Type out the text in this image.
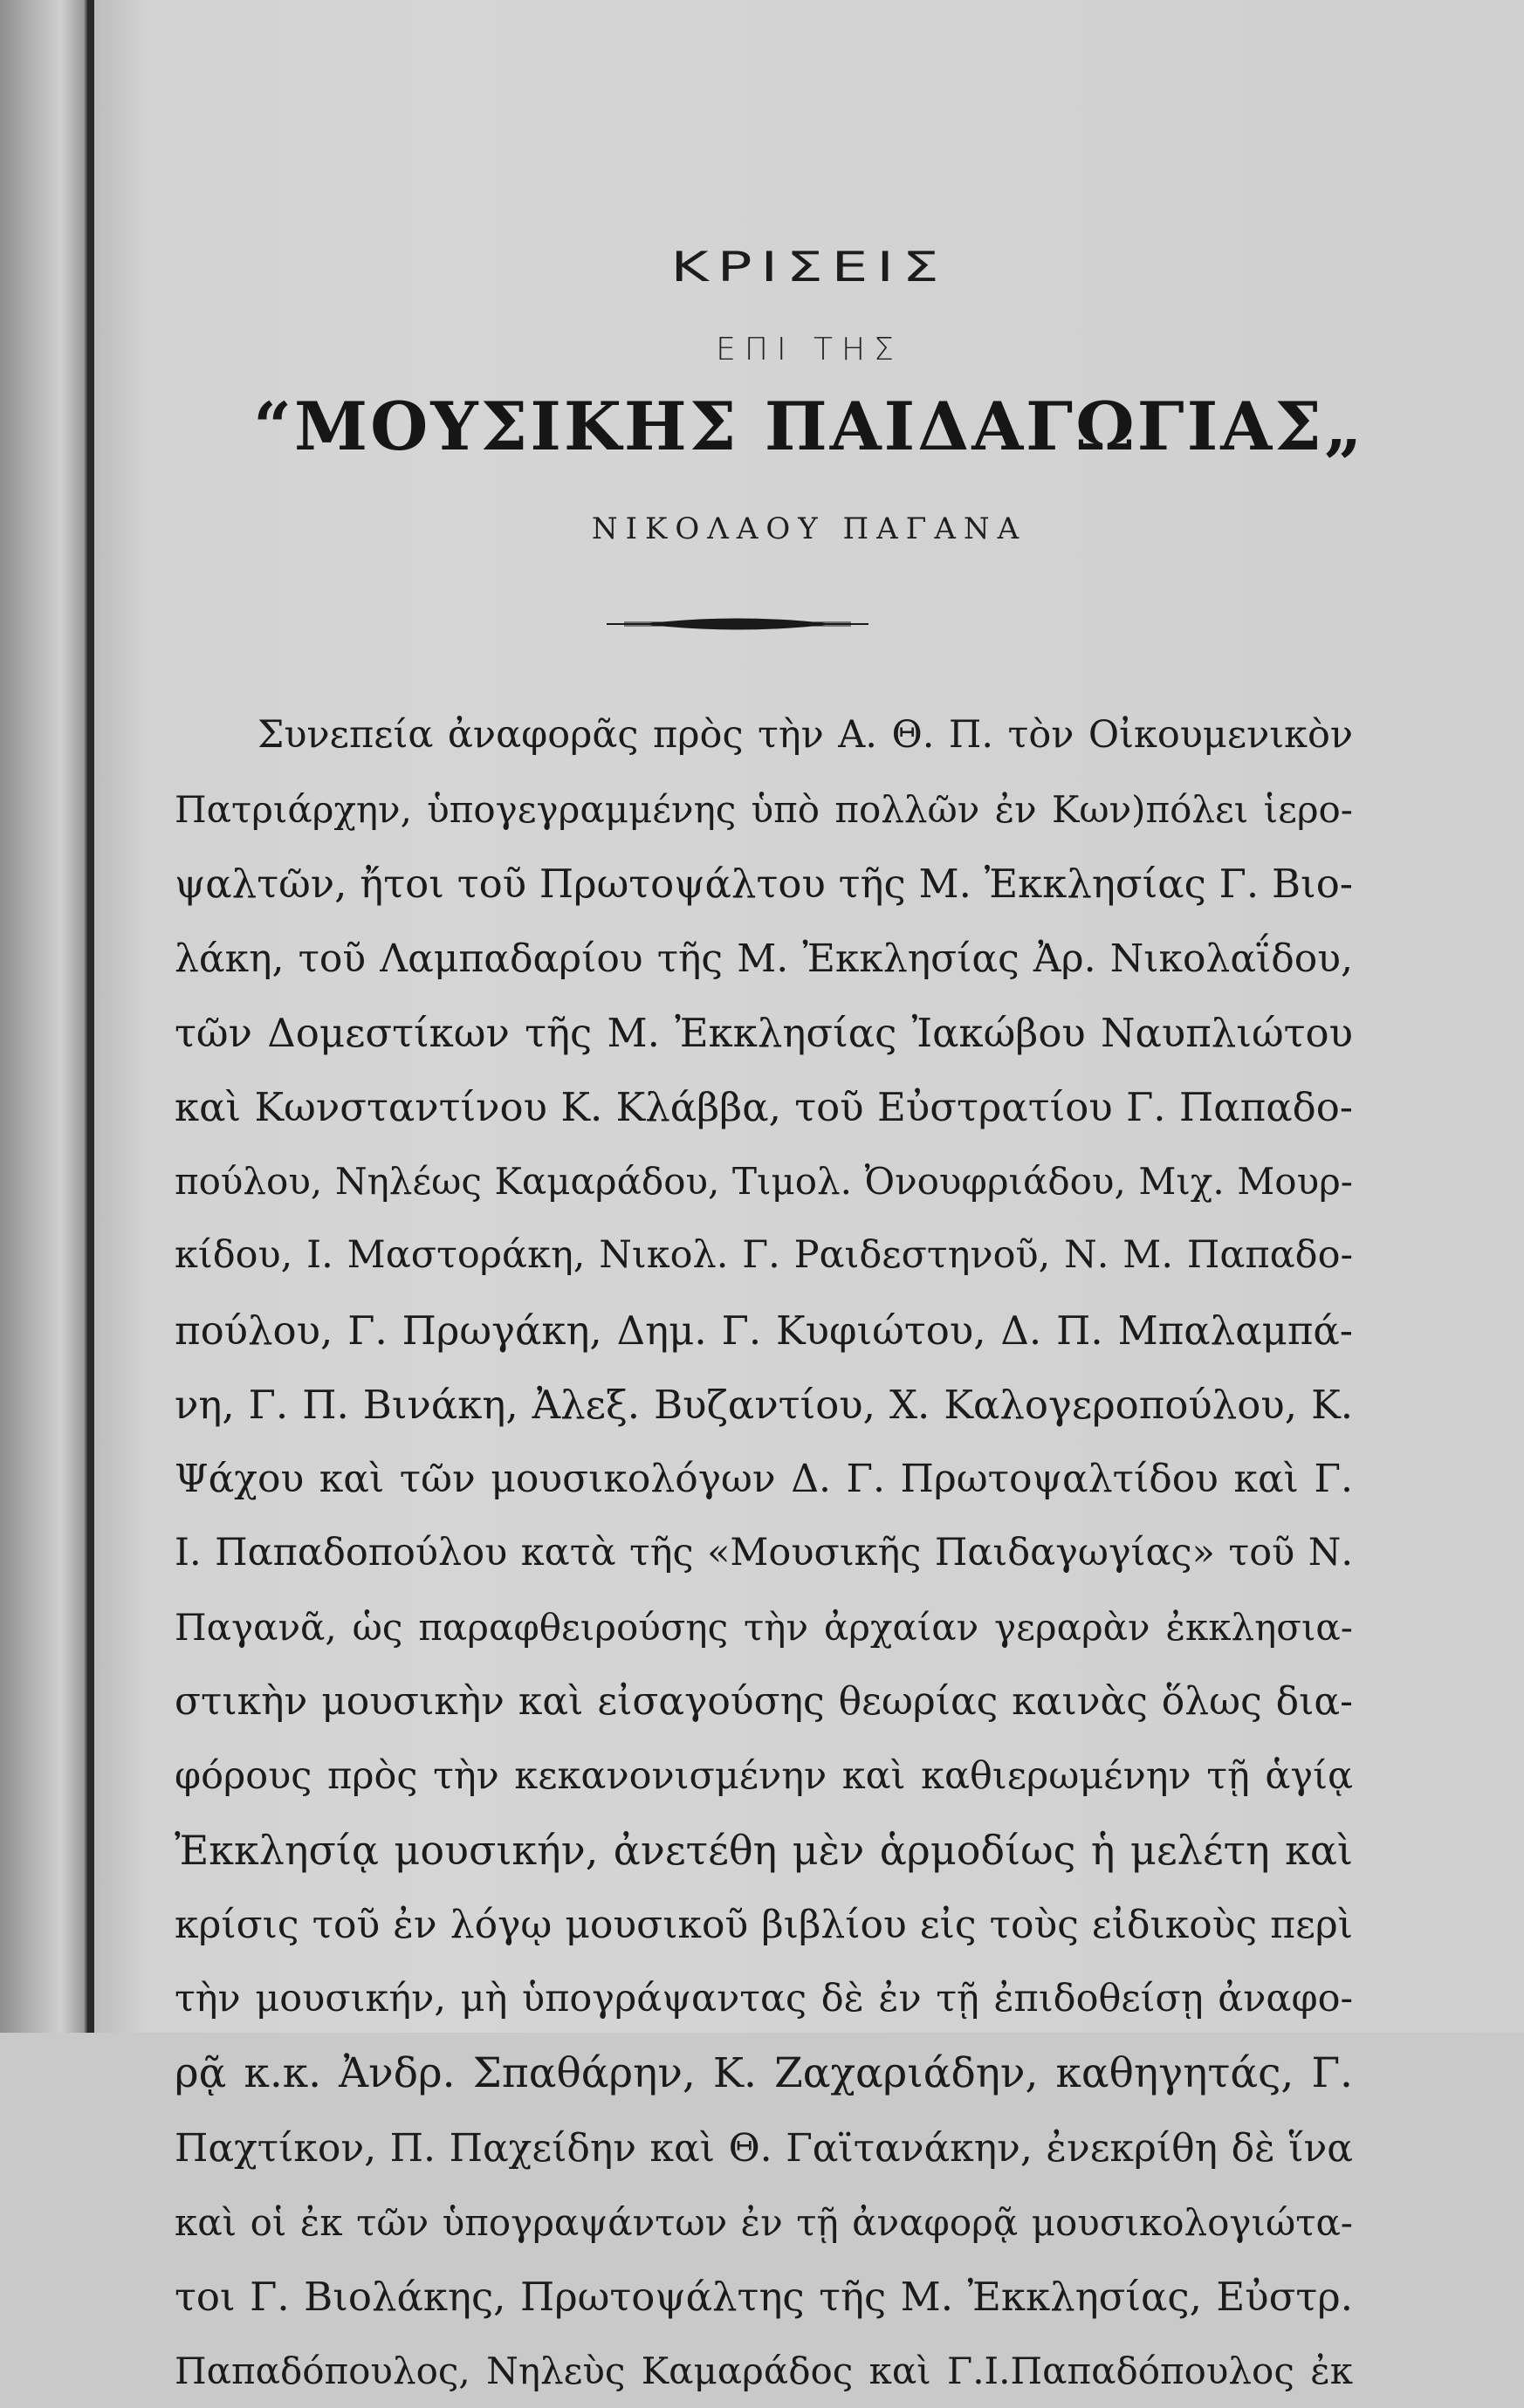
ΚΡΙΣΕΙΣ
ΕΠΙ ΤΗΣ
“ΜΟΥΣΙΚΗΣ ΠΑΙΔΑΓΩΓΙΑΣ„
ΝΙΚΟΛΑΟΥ ΠΑΓΑΝΑ
Συνεπεία ἀναφορᾶς πρὸς τὴν Α. Θ. Π. τὸν Οἰκουμενικὸν
Πατριάρχην, ὑπογεγραμμένης ὑπὸ πολλῶν ἐν Κων)πόλει ἱερο-
ψαλτῶν, ἤτοι τοῦ Πρωτοψάλτου τῆς Μ. Ἐκκλησίας Γ. Βιο-
λάκη, τοῦ Λαμπαδαρίου τῆς Μ. Ἐκκλησίας Ἀρ. Νικολαΐδου,
τῶν Δομεστίκων τῆς Μ. Ἐκκλησίας Ἰακώβου Ναυπλιώτου
καὶ Κωνσταντίνου Κ. Κλάββα, τοῦ Εὐστρατίου Γ. Παπαδο-
πούλου, Νηλέως Καμαράδου, Τιμολ. Ὀνουφριάδου, Μιχ. Μουρ-
κίδου, Ι. Μαστοράκη, Νικολ. Γ. Ραιδεστηνοῦ, Ν. Μ. Παπαδο-
πούλου, Γ. Πρωγάκη, Δημ. Γ. Κυφιώτου, Δ. Π. Μπαλαμπά-
νη, Γ. Π. Βινάκη, Ἀλεξ. Βυζαντίου, Χ. Καλογεροπούλου, Κ.
Ψάχου καὶ τῶν μουσικολόγων Δ. Γ. Πρωτοψαλτίδου καὶ Γ.
Ι. Παπαδοπούλου κατὰ τῆς «Μουσικῆς Παιδαγωγίας» τοῦ Ν.
Παγανᾶ, ὡς παραφθειρούσης τὴν ἀρχαίαν γεραρὰν ἐκκλησια-
στικὴν μουσικὴν καὶ εἰσαγούσης θεωρίας καινὰς ὅλως δια-
φόρους πρὸς τὴν κεκανονισμένην καὶ καθιερωμένην τῇ ἁγίᾳ
Ἐκκλησίᾳ μουσικήν, ἀνετέθη μὲν ἁρμοδίως ἡ μελέτη καὶ
κρίσις τοῦ ἐν λόγῳ μουσικοῦ βιβλίου εἰς τοὺς εἰδικοὺς περὶ
τὴν μουσικήν, μὴ ὑπογράψαντας δὲ ἐν τῇ ἐπιδοθείσῃ ἀναφο-
ρᾷ κ.κ. Ἀνδρ. Σπαθάρην, Κ. Ζαχαριάδην, καθηγητάς, Γ.
Παχτίκον, Π. Παχείδην καὶ Θ. Γαϊτανάκην, ἐνεκρίθη δὲ ἵνα
καὶ οἱ ἐκ τῶν ὑπογραψάντων ἐν τῇ ἀναφορᾷ μουσικολογιώτα-
τοι Γ. Βιολάκης, Πρωτοψάλτης τῆς Μ. Ἐκκλησίας, Εὐστρ.
Παπαδόπουλος, Νηλεὺς Καμαράδος καὶ Γ.Ι.Παπαδόπουλος ἐκ
